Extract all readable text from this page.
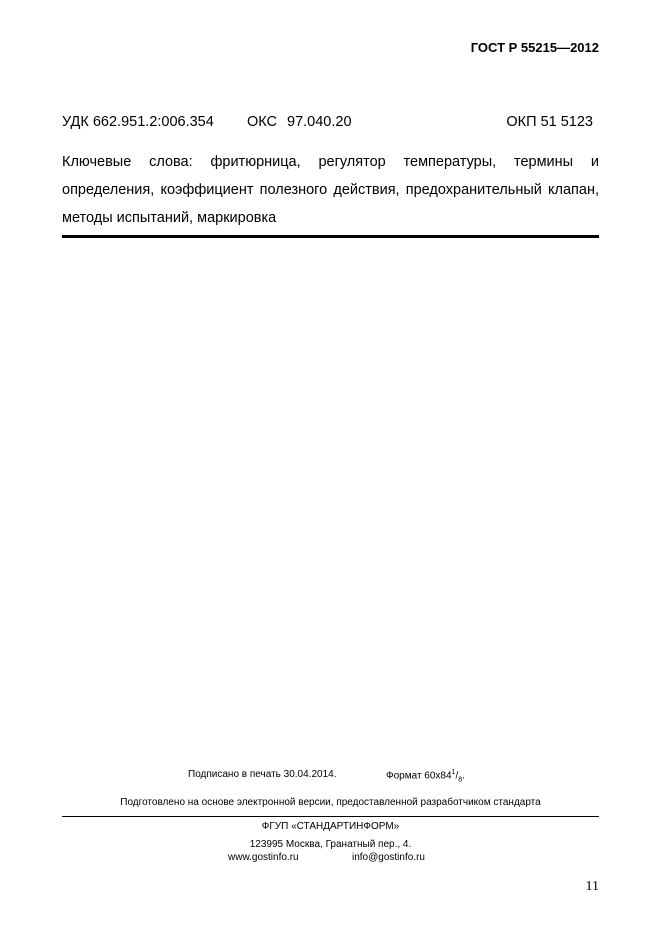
ГОСТ Р 55215—2012
УДК 662.951.2:006.354 ОКС 97.040.20	ОКП 51 5123
Ключевые слова: фритюрница, регулятор температуры, термины и определения, коэффициент полезного действия, предохранительный клапан, методы испытаний, маркировка
Подписано в печать 30.04.2014.	Формат $60x84^1/_8$.
Подготовлено на основе электронной версии, предоставленной разработчиком стандарта
ФГУП «СТАНДАРТИНФОРМ»
123995 Москва, Гранатный пер., 4.
www.gostinfo.ru	info@gostinfo.ru
11
